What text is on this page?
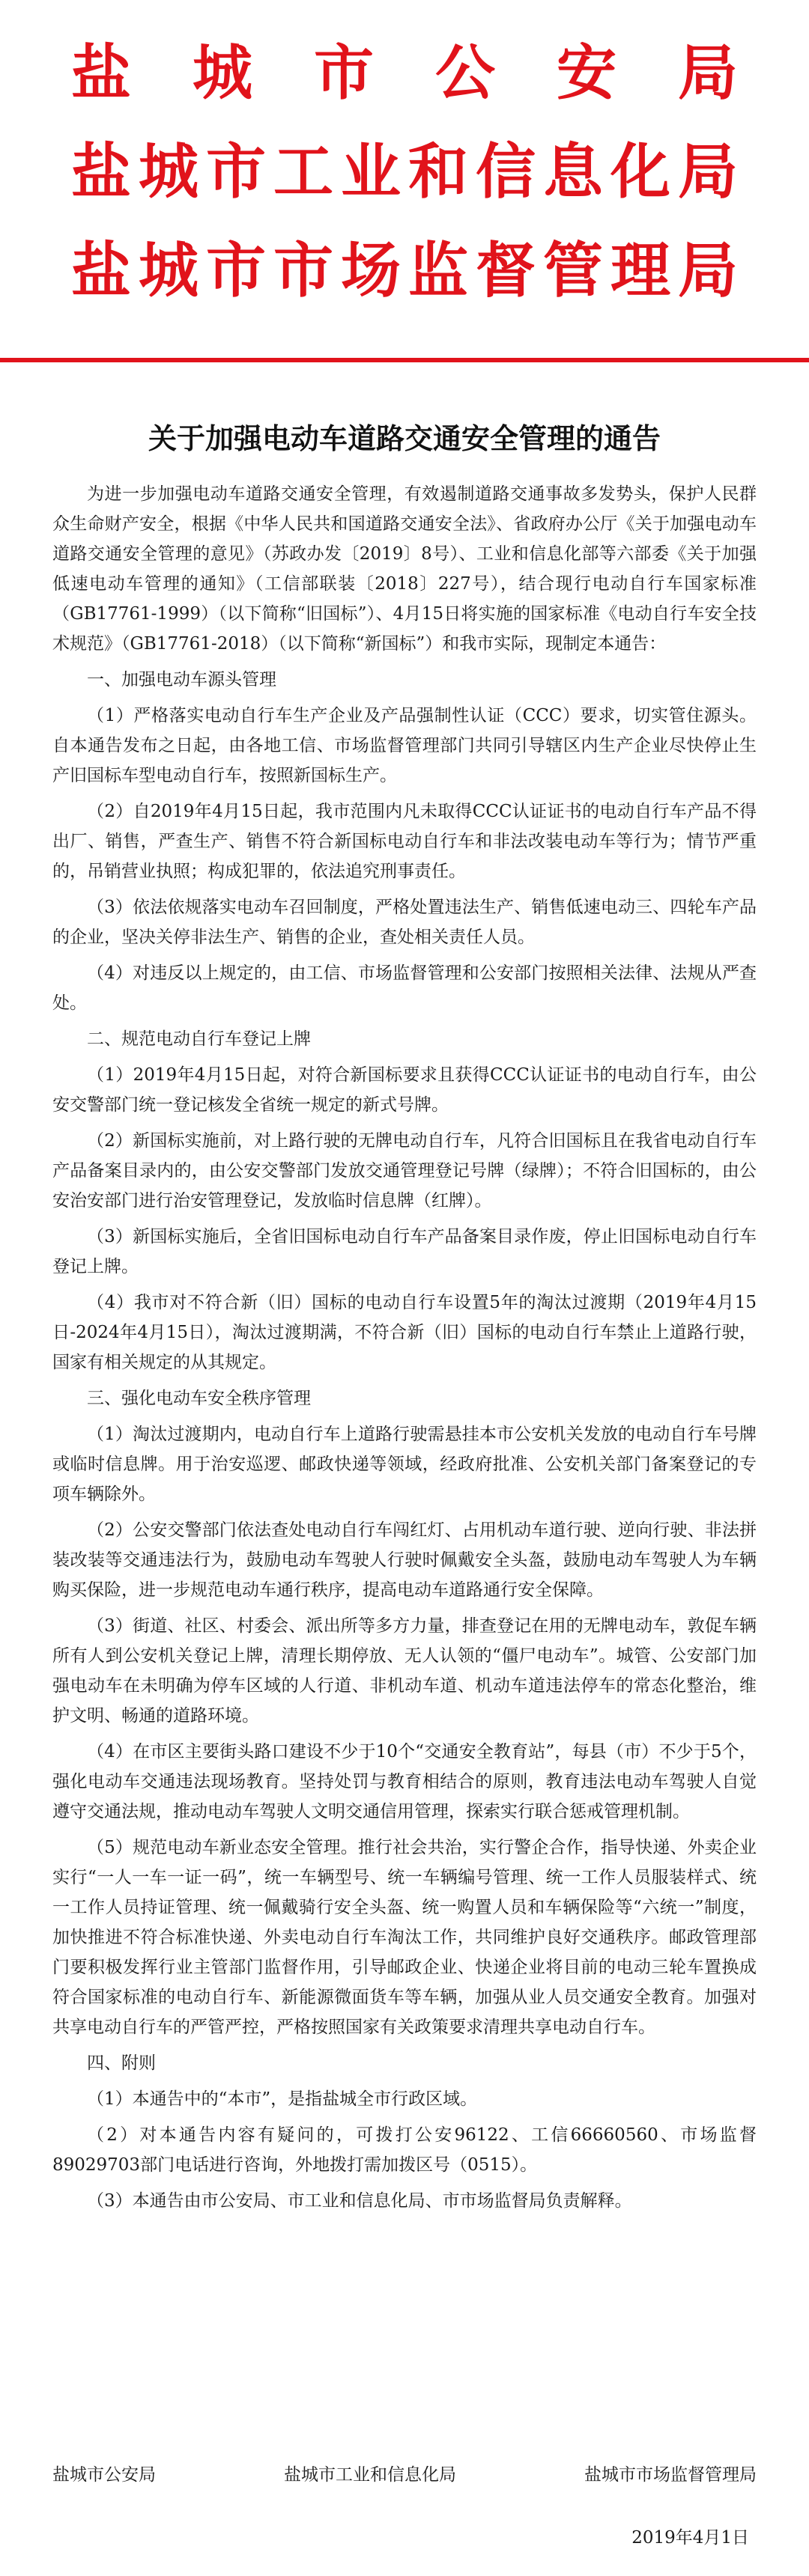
盐城市公安局
盐城市工业和信息化局
盐城市市场监督管理局
关于加强电动车道路交通安全管理的通告

为进一步加强电动车道路交通安全管理，有效遏制道路交通事故多发势头，保护人民群众生命财产安全，根据《中华人民共和国道路交通安全法》、省政府办公厅《关于加强电动车道路交通安全管理的意见》（苏政办发〔2019〕8号）、工业和信息化部等六部委《关于加强低速电动车管理的通知》（工信部联装〔2018〕227号），结合现行电动自行车国家标准（GB17761-1999）（以下简称“旧国标”）、4月15日将实施的国家标准《电动自行车安全技术规范》（GB17761-2018）（以下简称“新国标”）和我市实际，现制定本通告：

一、加强电动车源头管理

（1）严格落实电动自行车生产企业及产品强制性认证（CCC）要求，切实管住源头。自本通告发布之日起，由各地工信、市场监督管理部门共同引导辖区内生产企业尽快停止生产旧国标车型电动自行车，按照新国标生产。

（2）自2019年4月15日起，我市范围内凡未取得CCC认证证书的电动自行车产品不得出厂、销售，严查生产、销售不符合新国标电动自行车和非法改装电动车等行为；情节严重的，吊销营业执照；构成犯罪的，依法追究刑事责任。

（3）依法依规落实电动车召回制度，严格处置违法生产、销售低速电动三、四轮车产品的企业，坚决关停非法生产、销售的企业，查处相关责任人员。

（4）对违反以上规定的，由工信、市场监督管理和公安部门按照相关法律、法规从严查处。

二、规范电动自行车登记上牌

（1）2019年4月15日起，对符合新国标要求且获得CCC认证证书的电动自行车，由公安交警部门统一登记核发全省统一规定的新式号牌。

（2）新国标实施前，对上路行驶的无牌电动自行车，凡符合旧国标且在我省电动自行车产品备案目录内的，由公安交警部门发放交通管理登记号牌（绿牌）；不符合旧国标的，由公安治安部门进行治安管理登记，发放临时信息牌（红牌）。

（3）新国标实施后，全省旧国标电动自行车产品备案目录作废，停止旧国标电动自行车登记上牌。

（4）我市对不符合新（旧）国标的电动自行车设置5年的淘汰过渡期（2019年4月15日-2024年4月15日），淘汰过渡期满，不符合新（旧）国标的电动自行车禁止上道路行驶，国家有相关规定的从其规定。

三、强化电动车安全秩序管理

（1）淘汰过渡期内，电动自行车上道路行驶需悬挂本市公安机关发放的电动自行车号牌或临时信息牌。用于治安巡逻、邮政快递等领域，经政府批准、公安机关部门备案登记的专项车辆除外。

（2）公安交警部门依法查处电动自行车闯红灯、占用机动车道行驶、逆向行驶、非法拼装改装等交通违法行为，鼓励电动车驾驶人行驶时佩戴安全头盔，鼓励电动车驾驶人为车辆购买保险，进一步规范电动车通行秩序，提高电动车道路通行安全保障。

（3）街道、社区、村委会、派出所等多方力量，排查登记在用的无牌电动车，敦促车辆所有人到公安机关登记上牌，清理长期停放、无人认领的“僵尸电动车”。城管、公安部门加强电动车在未明确为停车区域的人行道、非机动车道、机动车道违法停车的常态化整治，维护文明、畅通的道路环境。

（4）在市区主要街头路口建设不少于10个“交通安全教育站”，每县（市）不少于5个，强化电动车交通违法现场教育。坚持处罚与教育相结合的原则，教育违法电动车驾驶人自觉遵守交通法规，推动电动车驾驶人文明交通信用管理，探索实行联合惩戒管理机制。

（5）规范电动车新业态安全管理。推行社会共治，实行警企合作，指导快递、外卖企业实行“一人一车一证一码”，统一车辆型号、统一车辆编号管理、统一工作人员服装样式、统一工作人员持证管理、统一佩戴骑行安全头盔、统一购置人员和车辆保险等“六统一”制度，加快推进不符合标准快递、外卖电动自行车淘汰工作，共同维护良好交通秩序。邮政管理部门要积极发挥行业主管部门监督作用，引导邮政企业、快递企业将目前的电动三轮车置换成符合国家标准的电动自行车、新能源微面货车等车辆，加强从业人员交通安全教育。加强对共享电动自行车的严管严控，严格按照国家有关政策要求清理共享电动自行车。

四、附则

（1）本通告中的“本市”，是指盐城全市行政区域。

（2）对本通告内容有疑问的，可拨打公安96122、工信66660560、市场监督89029703部门电话进行咨询，外地拨打需加拨区号（0515）。

（3）本通告由市公安局、市工业和信息化局、市市场监督局负责解释。

盐城市公安局	盐城市工业和信息化局	盐城市市场监督管理局
2019年4月1日
